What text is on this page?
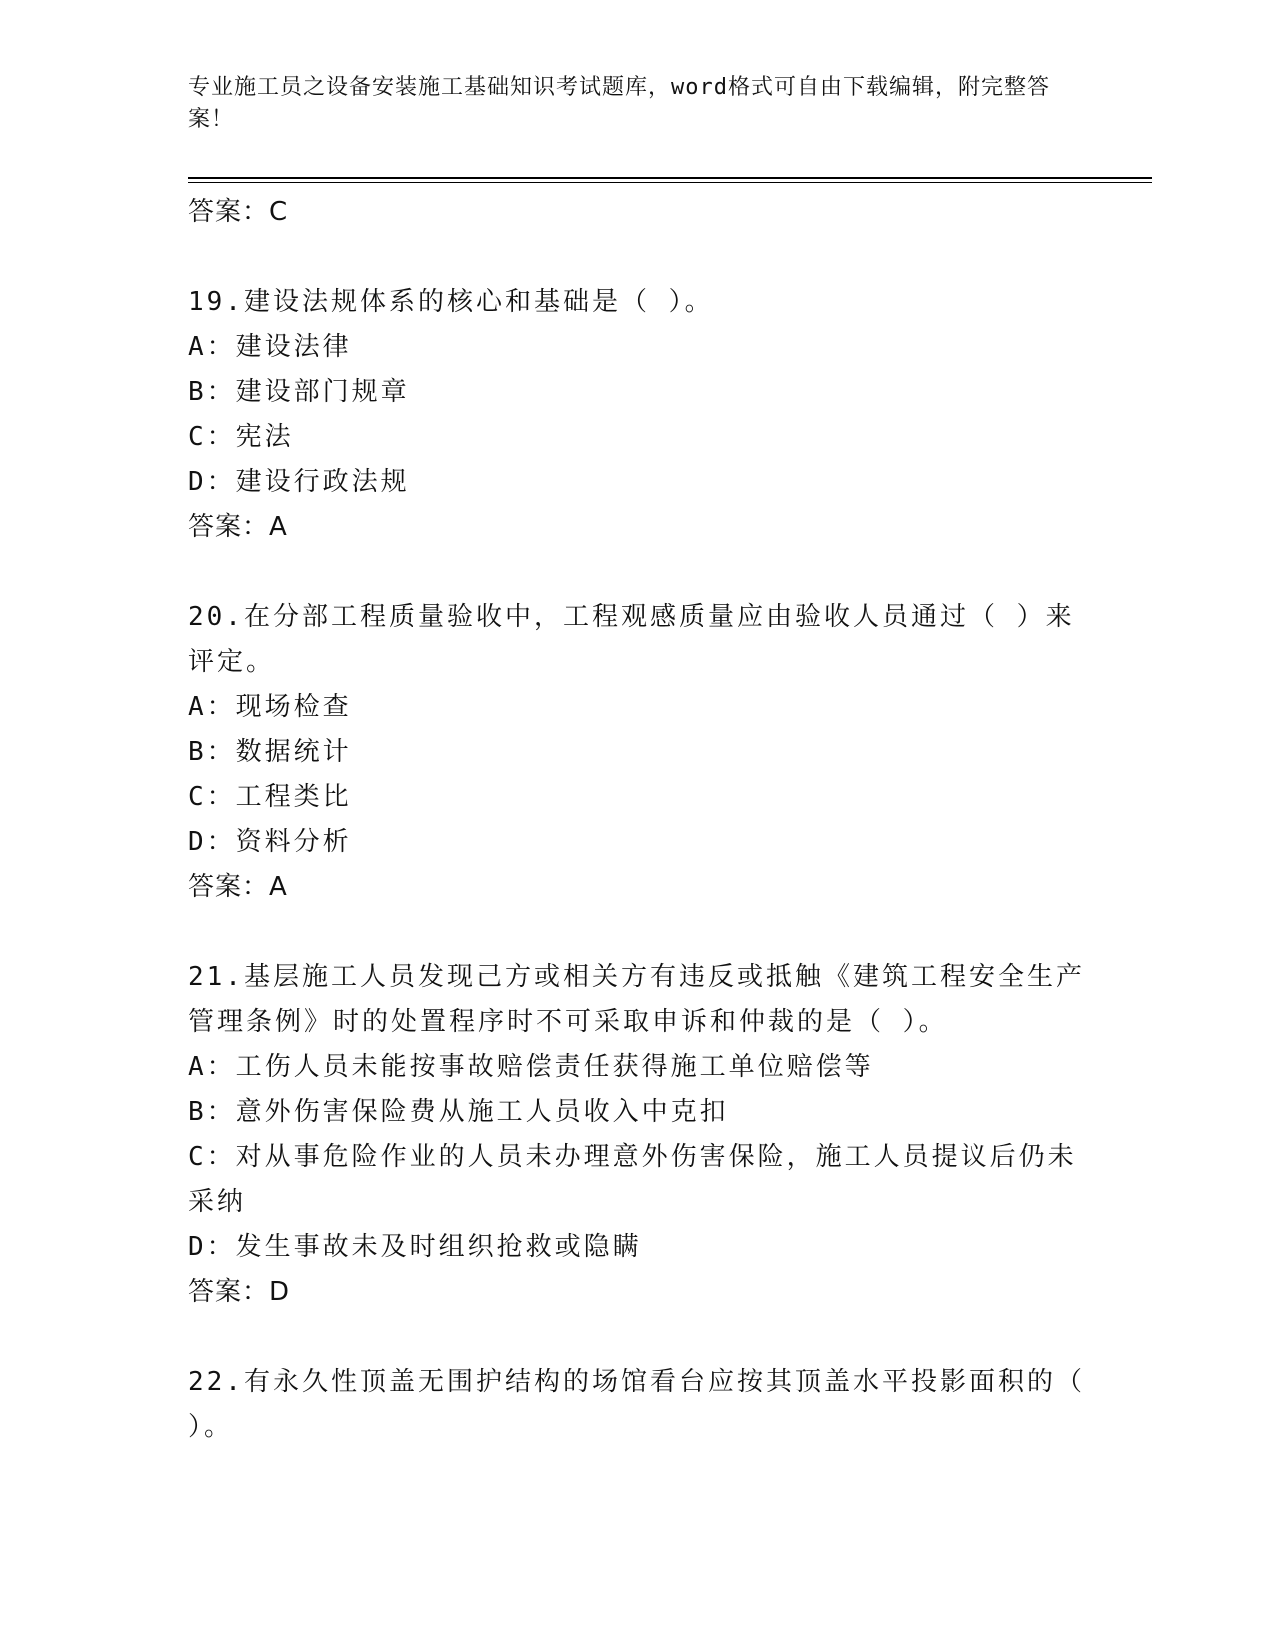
专业施工员之设备安装施工基础知识考试题库，word格式可自由下载编辑，附完整答案！

答案：C

19.建设法规体系的核心和基础是（ ）。

A：建设法律

B：建设部门规章

C：宪法

D：建设行政法规

答案：A

20.在分部工程质量验收中，工程观感质量应由验收人员通过（ ）来评定。

A：现场检查

B：数据统计

C：工程类比

D：资料分析

答案：A

21.基层施工人员发现己方或相关方有违反或抵触《建筑工程安全生产管理条例》时的处置程序时不可采取申诉和仲裁的是（ ）。

A：工伤人员未能按事故赔偿责任获得施工单位赔偿等

B：意外伤害保险费从施工人员收入中克扣

C：对从事危险作业的人员未办理意外伤害保险，施工人员提议后仍未采纳

D：发生事故未及时组织抢救或隐瞒

答案：D

22.有永久性顶盖无围护结构的场馆看台应按其顶盖水平投影面积的（ ）。
